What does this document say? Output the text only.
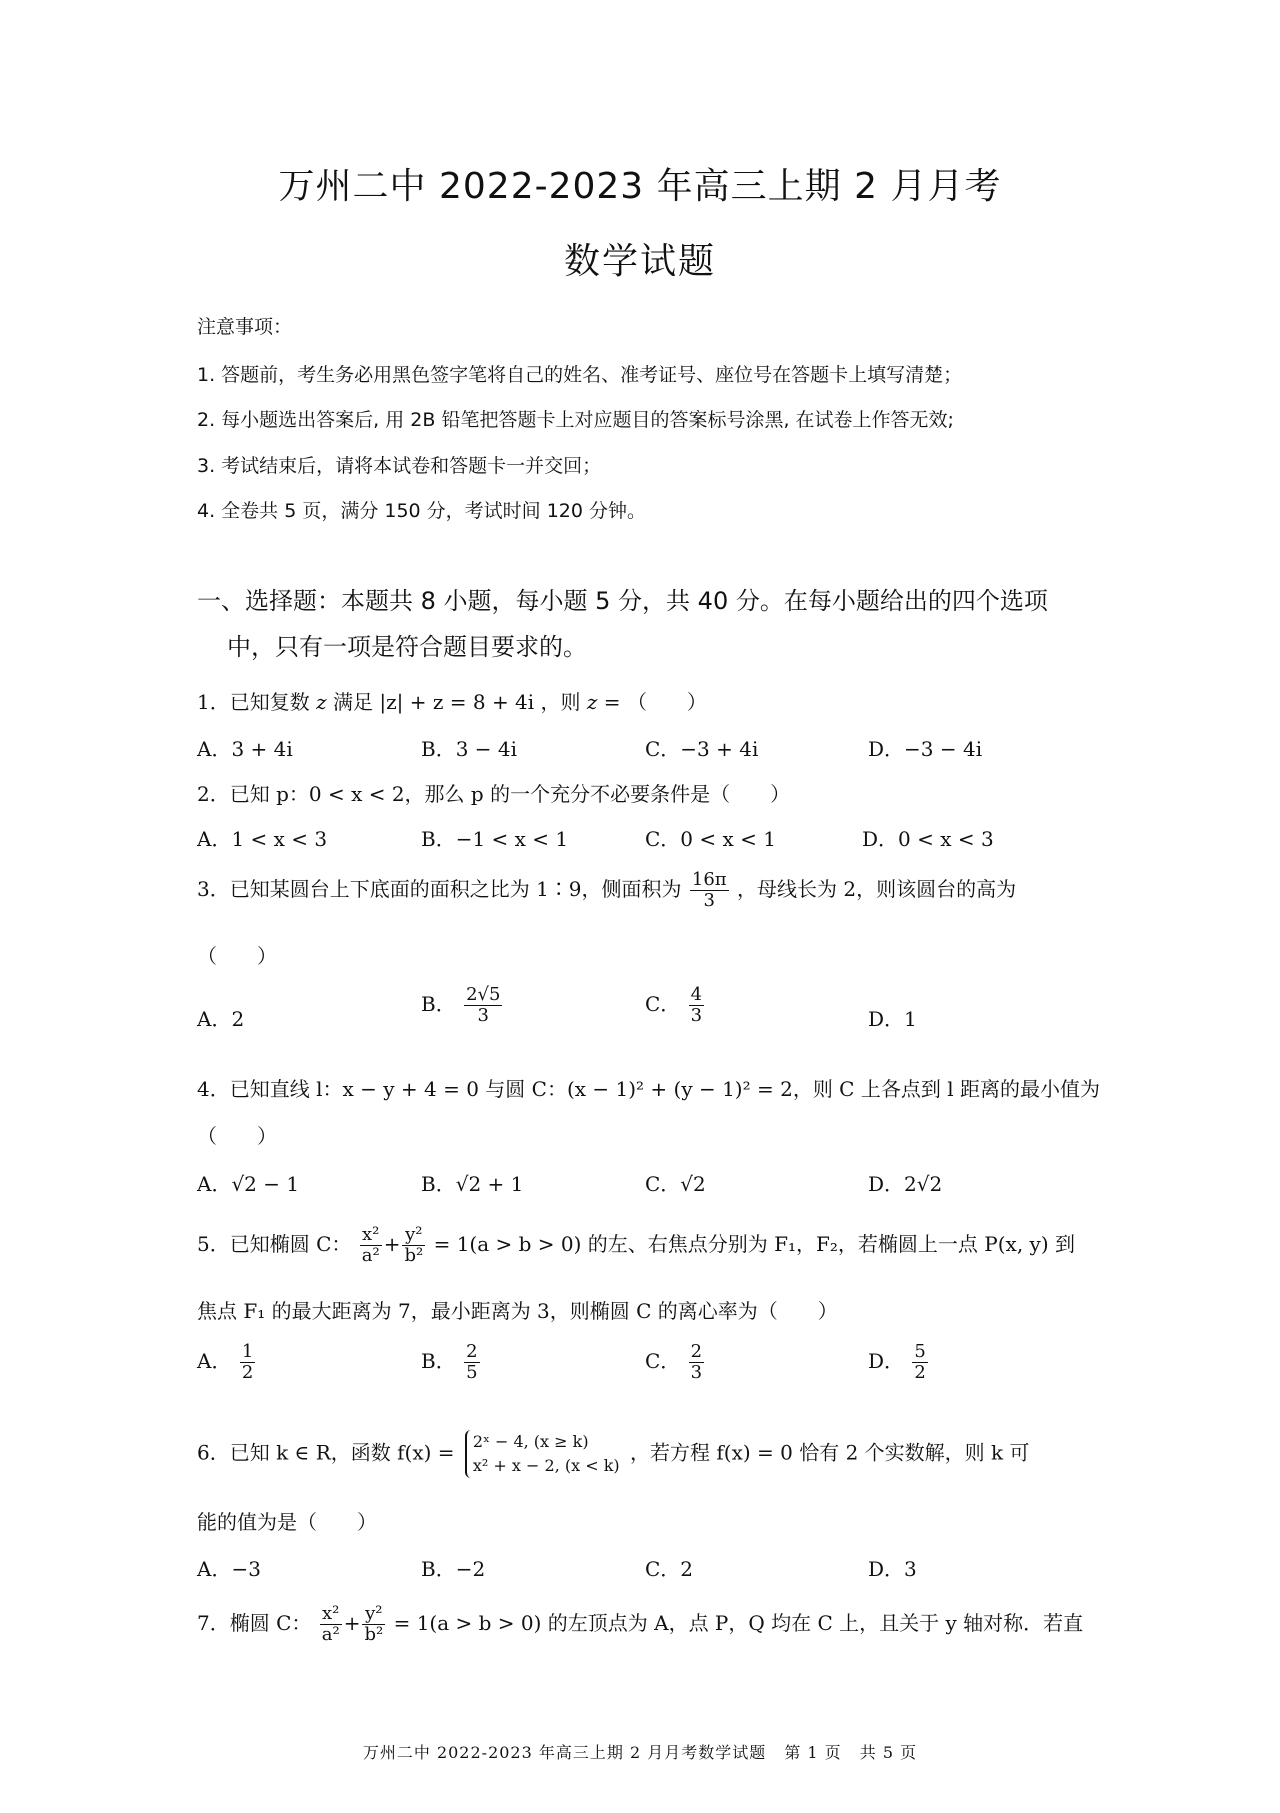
万州二中 2022-2023 年高三上期 2 月月考
数学试题
注意事项：
1. 答题前，考生务必用黑色签字笔将自己的姓名、准考证号、座位号在答题卡上填写清楚；
2. 每小题选出答案后, 用 2B 铅笔把答题卡上对应题目的答案标号涂黑, 在试卷上作答无效;
3. 考试结束后，请将本试卷和答题卡一并交回；
4. 全卷共 5 页，满分 150 分，考试时间 120 分钟。
一、选择题：本题共 8 小题，每小题 5 分，共 40 分。在每小题给出的四个选项
中，只有一项是符合题目要求的。
1．已知复数 z 满足 |z| + z = 8 + 4i ，则 z = （　　）
A．3 + 4i	B．3 − 4i	C．−3 + 4i	D．−3 − 4i
2．已知 p：0 < x < 2，那么 p 的一个充分不必要条件是（　　）
A．1 < x < 3	B．−1 < x < 1	C．0 < x < 1	D．0 < x < 3
3．已知某圆台上下底面的面积之比为 1∶9，侧面积为 $\frac{16\pi}{3}$ ，母线长为 2，则该圆台的高为
（　　）
A．2
B． $\frac{2√5}{3}$	C． $\frac{4}{3}$	D．1
4．已知直线 l：x − y + 4 = 0 与圆 C：(x − 1)² + (y − 1)² = 2，则 C 上各点到 l 距离的最小值为
（　　）
A．√2 − 1	B．√2 + 1	C．√2	D．2√2
5．已知椭圆 C： $\frac{\text{x²}}{\text{a²}} + \frac{\text{y²}}{\text{b²}} = 1(a > b > 0)$ 的左、右焦点分别为 F₁，F₂，若椭圆上一点 P(x, y) 到
焦点 F₁ 的最大距离为 7，最小距离为 3，则椭圆 C 的离心率为（　　）
A． $\frac{1}{2}$	B． $\frac{2}{5}$	C． $\frac{2}{3}$	D． $\frac{5}{2}$
6．已知 k ∈ R，函数 f(x) = 2ˣ − 4, (x ≥ k)
x² + x − 2, (x < k)
，若方程 f(x) = 0 恰有 2 个实数解，则 k 可
能的值为是（　　）
A．−3	B．−2	C．2	D．3
7．椭圆 C： $\frac{\text{x²}}{\text{a²}} + \frac{\text{y²}}{\text{b²}} = 1(a > b > 0)$ 的左顶点为 A，点 P，Q 均在 C 上，且关于 y 轴对称．若直
万州二中 2022-2023 年高三上期 2 月月考数学试题 第 1 页 共 5 页
